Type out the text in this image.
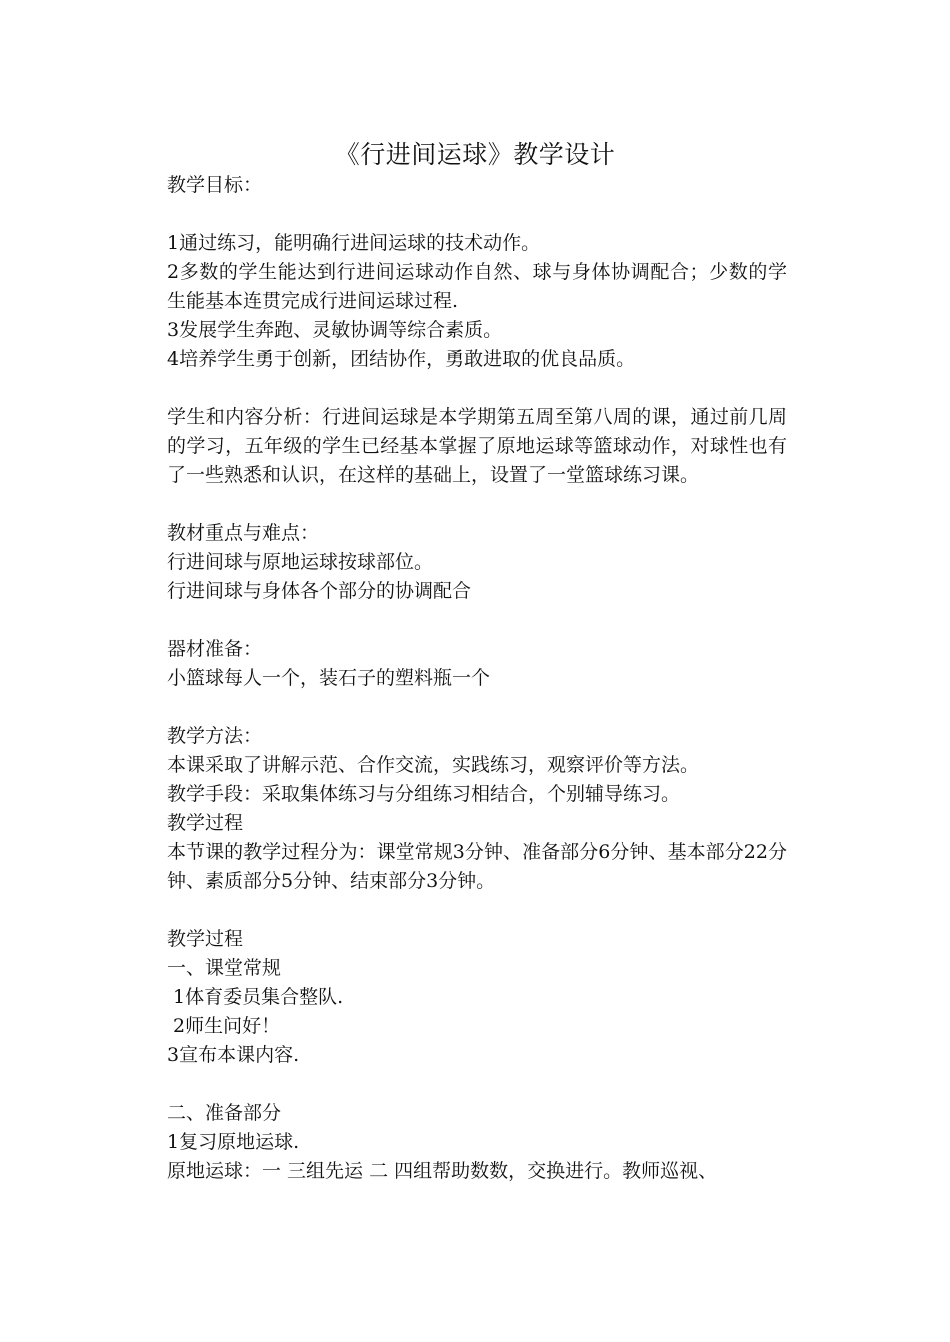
《行进间运球》教学设计
教学目标：
1通过练习，能明确行进间运球的技术动作。
2多数的学生能达到行进间运球动作自然、球与身体协调配合；少数的学生能基本连贯完成行进间运球过程.
3发展学生奔跑、灵敏协调等综合素质。
4培养学生勇于创新，团结协作，勇敢进取的优良品质。
学生和内容分析：行进间运球是本学期第五周至第八周的课，通过前几周的学习，五年级的学生已经基本掌握了原地运球等篮球动作，对球性也有了一些熟悉和认识，在这样的基础上，设置了一堂篮球练习课。
教材重点与难点：
行进间球与原地运球按球部位。
行进间球与身体各个部分的协调配合
器材准备：
小篮球每人一个，装石子的塑料瓶一个
教学方法：
本课采取了讲解示范、合作交流，实践练习，观察评价等方法。
教学手段：采取集体练习与分组练习相结合，个别辅导练习。
教学过程
本节课的教学过程分为：课堂常规3分钟、准备部分6分钟、基本部分22分钟、素质部分5分钟、结束部分3分钟。
教学过程
一、课堂常规
1体育委员集合整队.
2师生问好！
3宣布本课内容.
二、准备部分
1复习原地运球.
原地运球：一 三组先运 二 四组帮助数数，交换进行。教师巡视、
